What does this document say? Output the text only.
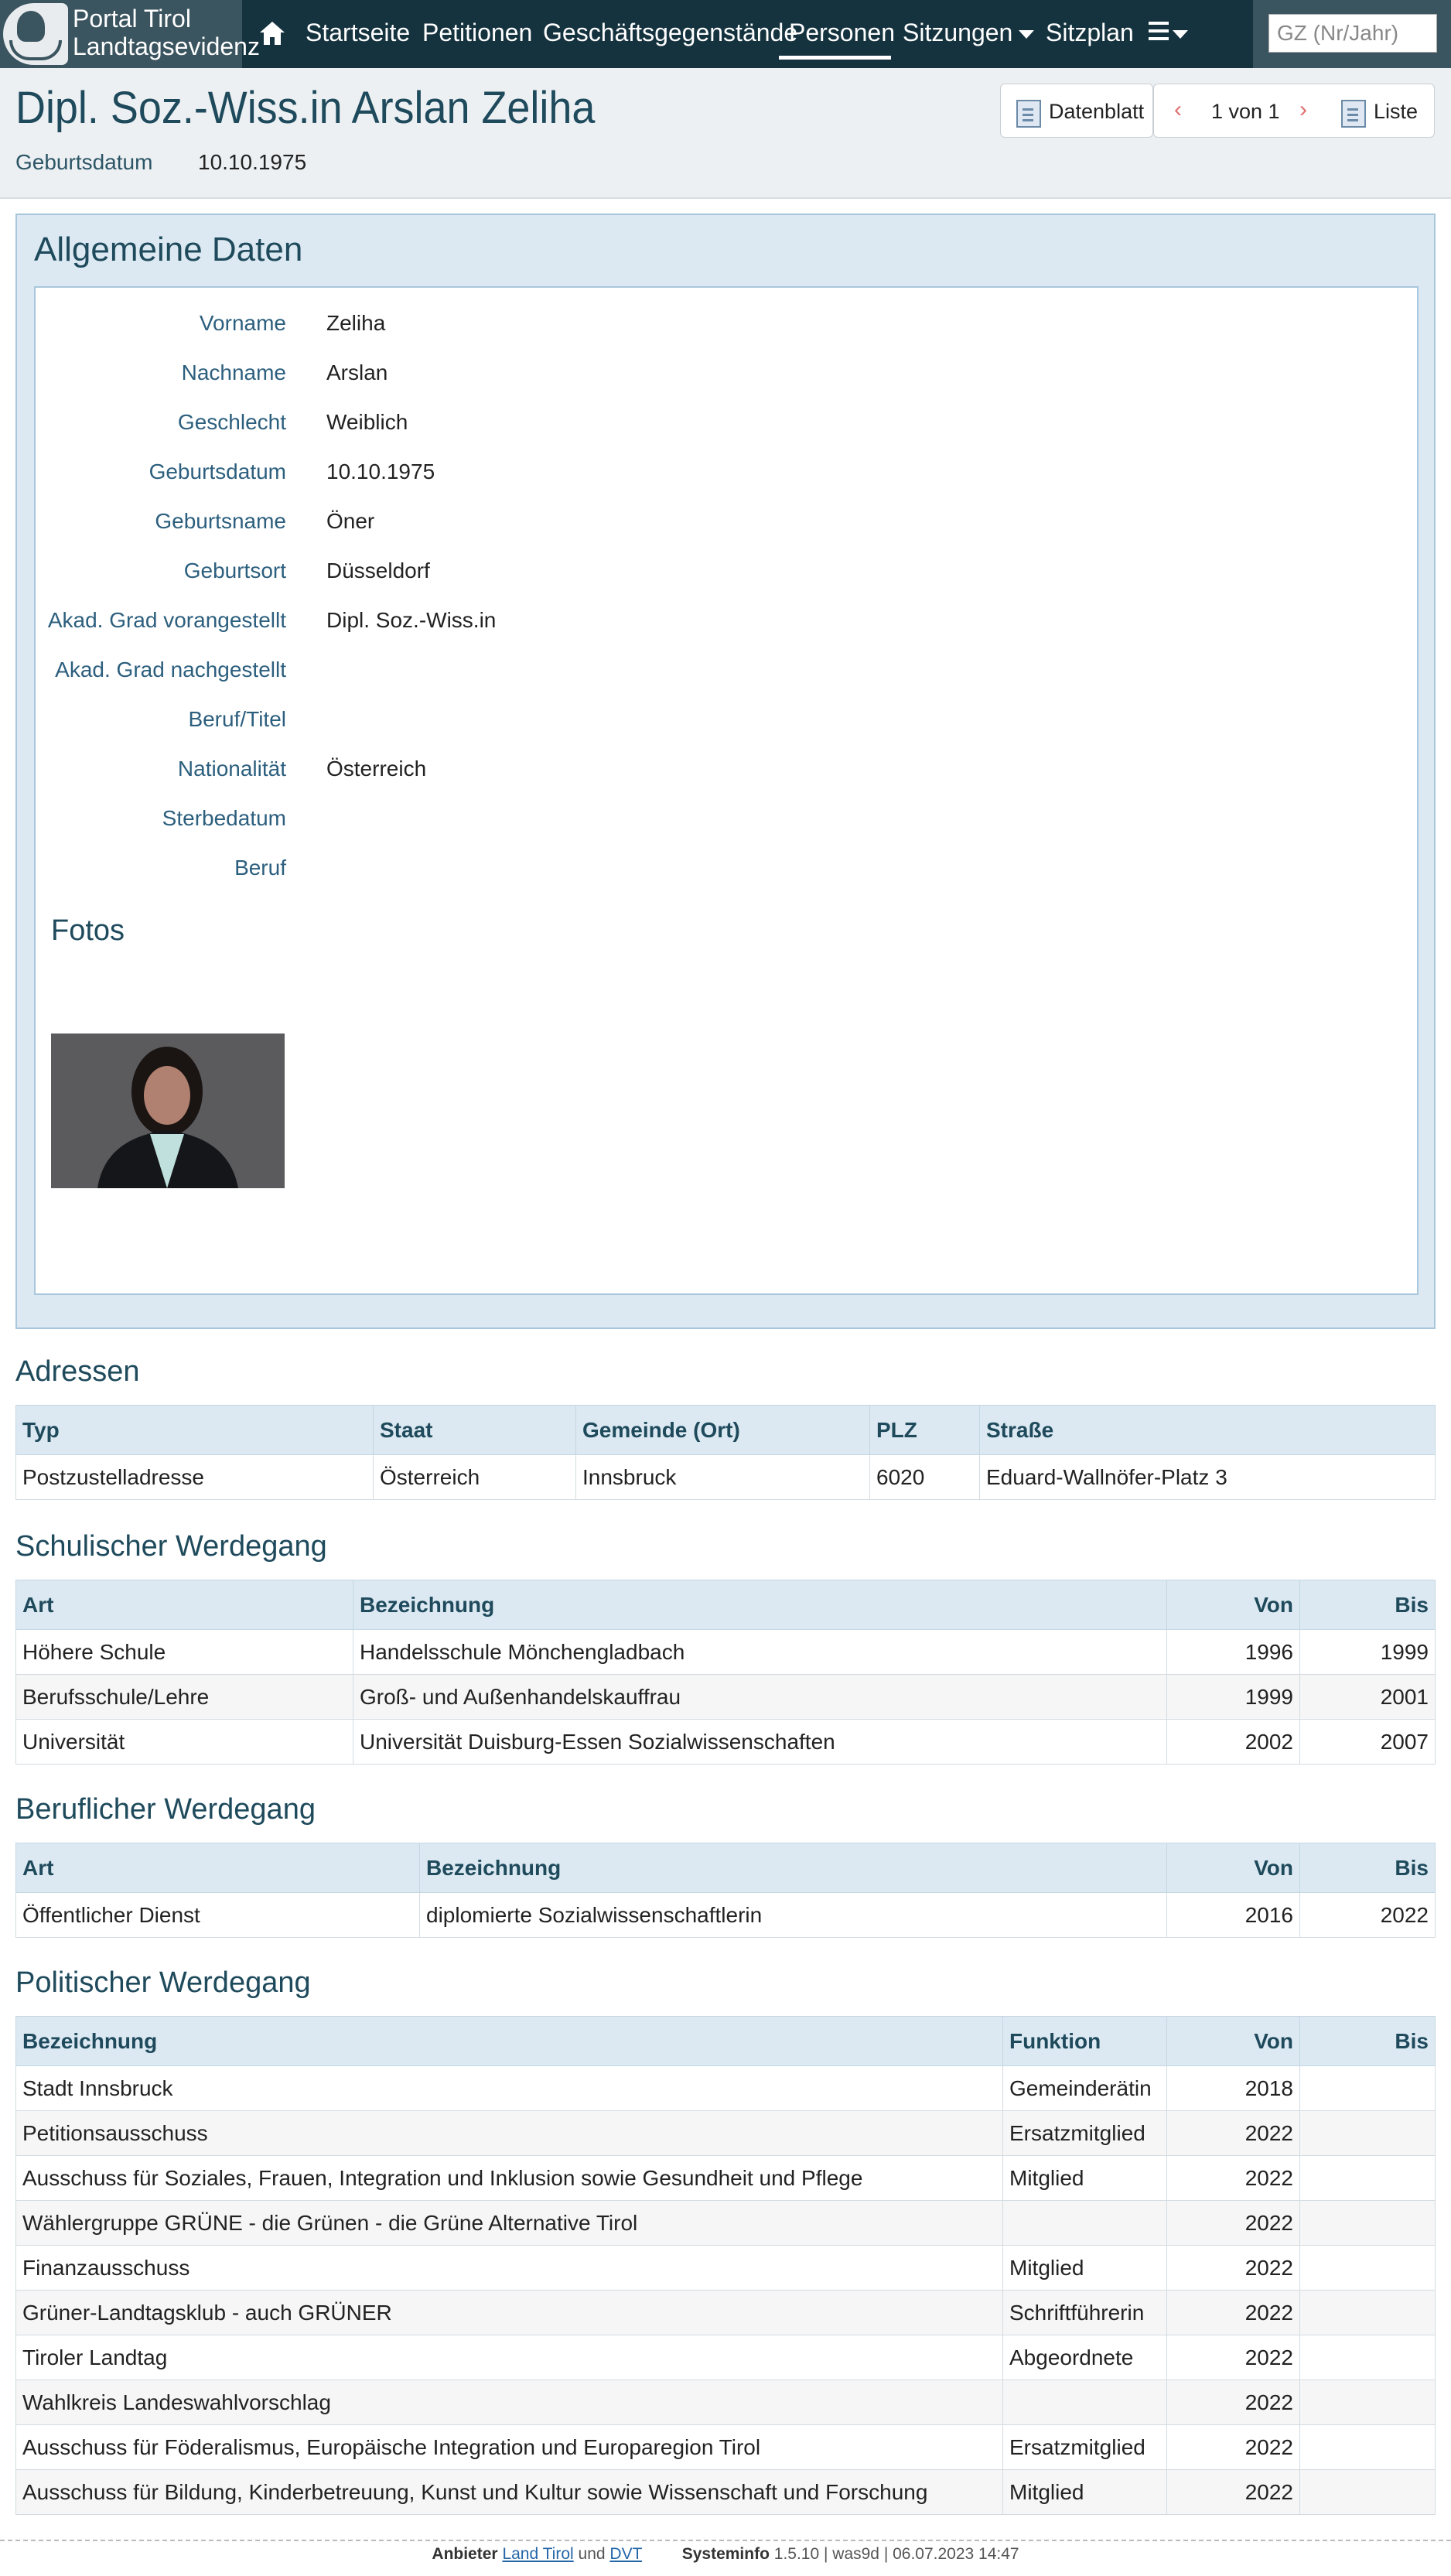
Portal Tirol
Landtagsevidenz Startseite Petitionen Geschäftsgegenstände
Personen Sitzungen	Sitzplan
GZ (Nr/Jahr)
Dipl. Soz.-Wiss.in Arslan Zeliha
Geburtsdatum 10.10.1975
Datenblatt ‹ 1 von 1 ›	Liste
Allgemeine Daten
Vorname Zeliha
Nachname Arslan
Geschlecht Weiblich
Geburtsdatum 10.10.1975
Geburtsname Öner
Geburtsort Düsseldorf
Akad. Grad vorangestellt Dipl. Soz.-Wiss.in
Akad. Grad nachgestellt
Beruf/Titel
Nationalität Österreich
Sterbedatum
Beruf
Fotos
Adressen
Typ	Staat	Gemeinde (Ort)	PLZ	Straße
Postzustelladresse	Österreich	Innsbruck	6020	Eduard-Wallnöfer-Platz 3
Schulischer Werdegang
Art	Bezeichnung	Von	Bis
Höhere Schule	Handelsschule Mönchengladbach	1996	1999
Berufsschule/Lehre	Groß- und Außenhandelskauffrau	1999	2001
Universität	Universität Duisburg-Essen Sozialwissenschaften	2002	2007
Beruflicher Werdegang
Art	Bezeichnung	Von	Bis
Öffentlicher Dienst	diplomierte Sozialwissenschaftlerin	2016	2022
Politischer Werdegang
Bezeichnung	Funktion	Von	Bis
Stadt Innsbruck	Gemeinderätin	2018	
Petitionsausschuss	Ersatzmitglied	2022	
Ausschuss für Soziales, Frauen, Integration und Inklusion sowie Gesundheit und Pflege	Mitglied	2022	
Wählergruppe GRÜNE - die Grünen - die Grüne Alternative Tirol		2022	
Finanzausschuss	Mitglied	2022	
Grüner-Landtagsklub - auch GRÜNER	Schriftführerin	2022	
Tiroler Landtag	Abgeordnete	2022	
Wahlkreis Landeswahlvorschlag		2022	
Ausschuss für Föderalismus, Europäische Integration und Europaregion Tirol	Ersatzmitglied	2022	
Ausschuss für Bildung, Kinderbetreuung, Kunst und Kultur sowie Wissenschaft und Forschung	Mitglied	2022	
Anbieter Land Tirol und DVT Systeminfo 1.5.10 | was9d | 06.07.2023 14:47
